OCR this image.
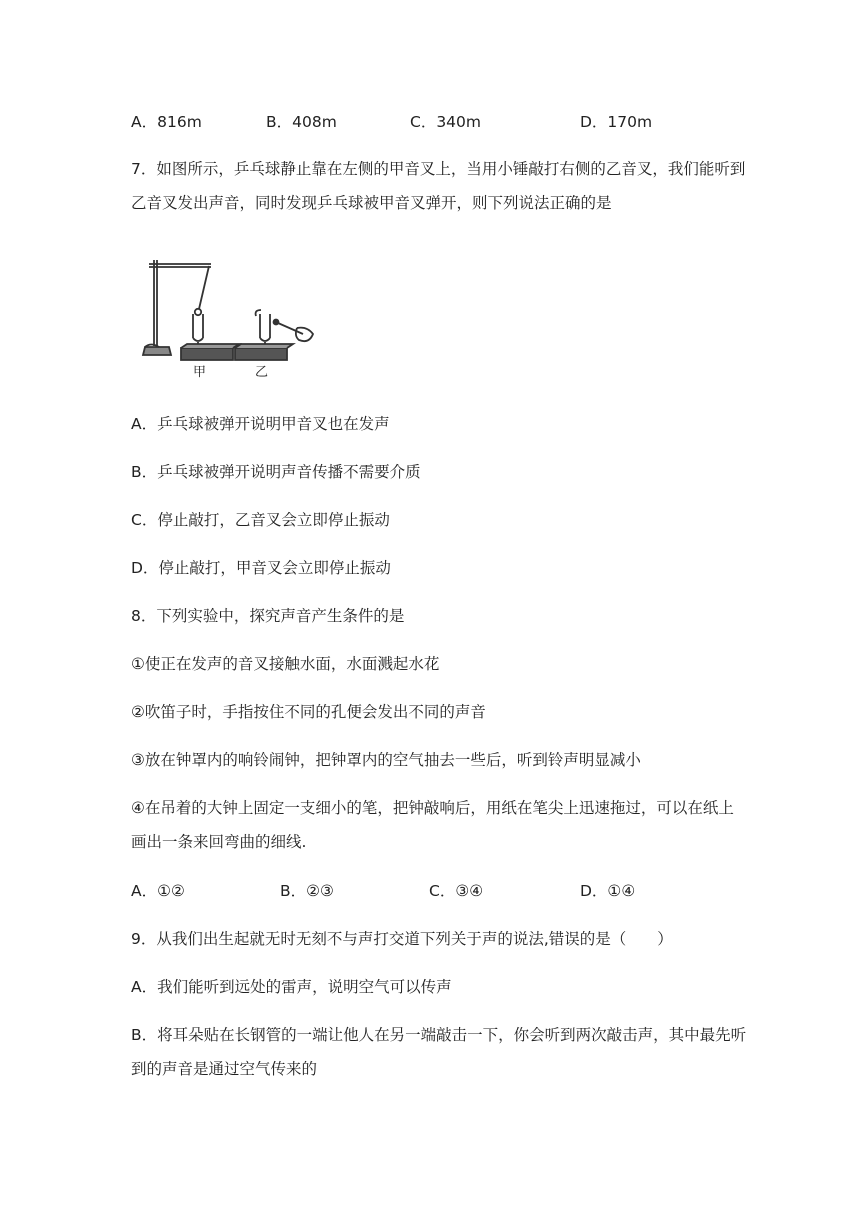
A．816m	B．408m	C．340m	D．170m
7．如图所示，乒乓球静止靠在左侧的甲音叉上，当用小锤敲打右侧的乙音叉，我们能听到
乙音叉发出声音，同时发现乒乓球被甲音叉弹开，则下列说法正确的是
甲	乙
A．乒乓球被弹开说明甲音叉也在发声
B．乒乓球被弹开说明声音传播不需要介质
C．停止敲打，乙音叉会立即停止振动
D．停止敲打，甲音叉会立即停止振动
8．下列实验中，探究声音产生条件的是
①使正在发声的音叉接触水面，水面溅起水花
②吹笛子时，手指按住不同的孔便会发出不同的声音
③放在钟罩内的响铃闹钟，把钟罩内的空气抽去一些后，听到铃声明显减小
④在吊着的大钟上固定一支细小的笔，把钟敲响后，用纸在笔尖上迅速拖过，可以在纸上
画出一条来回弯曲的细线.
A．①②	B．②③	C．③④	D．①④
9．从我们出生起就无时无刻不与声打交道下列关于声的说法,错误的是（　　）
A．我们能听到远处的雷声，说明空气可以传声
B．将耳朵贴在长钢管的一端让他人在另一端敲击一下，你会听到两次敲击声，其中最先听
到的声音是通过空气传来的
